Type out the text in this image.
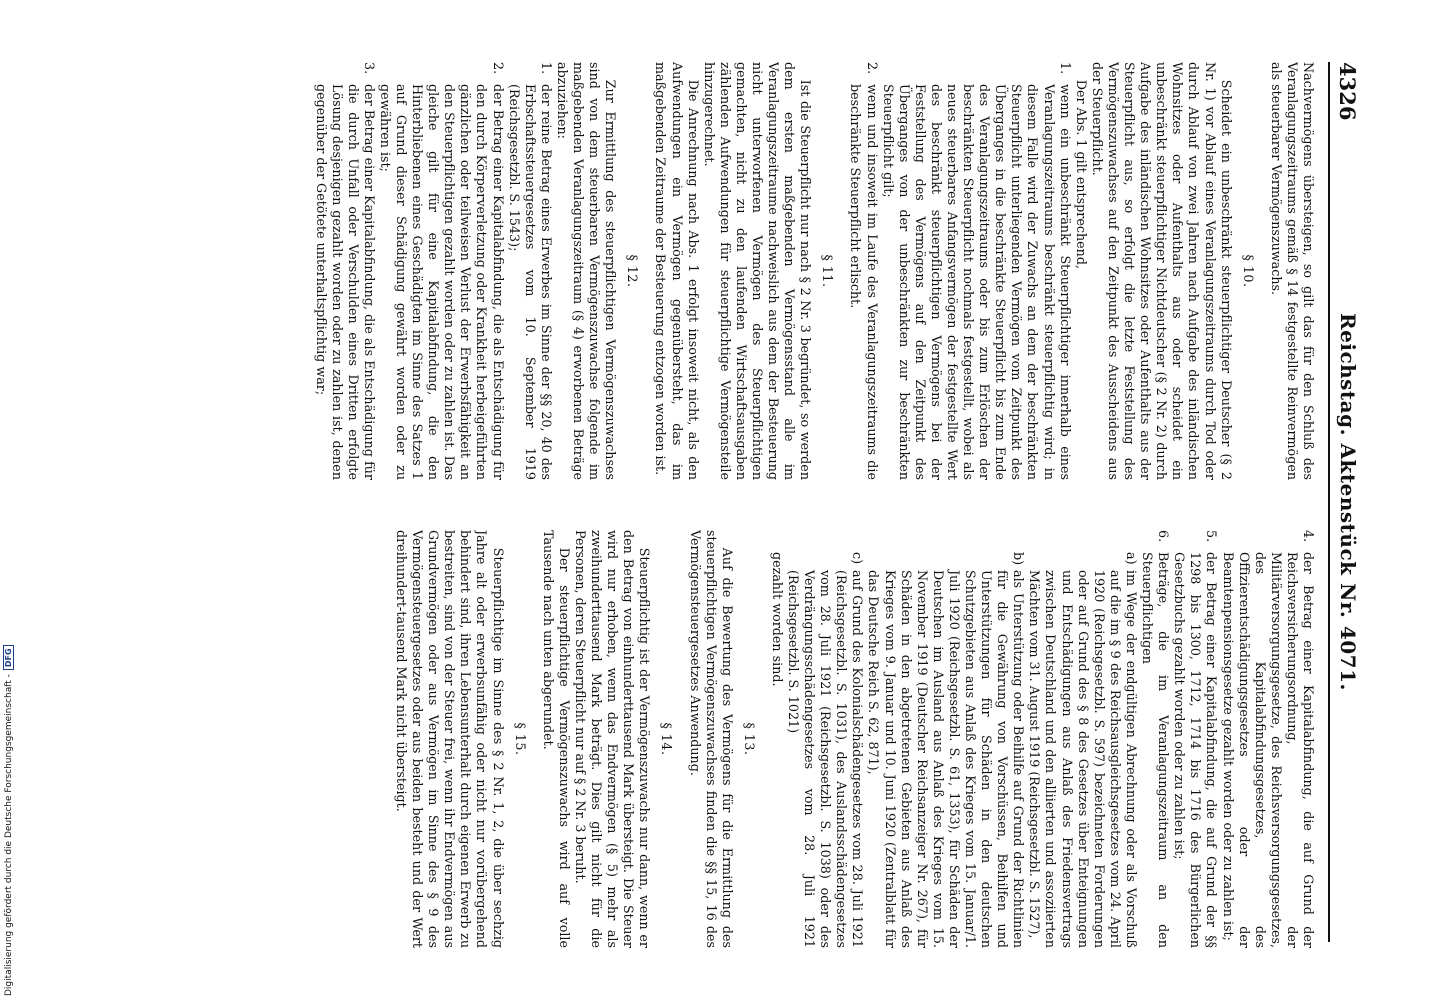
4326
Reichstag. Aktenstück Nr. 4071.

Nachvermögens übersteigen, so gilt das für den Schluß des Veranlagungszeitraums gemäß § 14 festgestellte Reinvermögen als steuerbarer Vermögenszuwachs.

§ 10.

Scheidet ein unbeschränkt steuerpflichtiger Deutscher (§ 2 Nr. 1) vor Ablauf eines Veranlagungszeitraums durch Tod oder durch Ablauf von zwei Jahren nach Aufgabe des inländischen Wohnsitzes oder Aufenthalts aus oder scheidet ein unbeschränkt steuerpflichtiger Nichtdeutscher (§ 2 Nr. 2) durch Aufgabe des inländischen Wohnsitzes oder Aufenthalts aus der Steuerpflicht aus, so erfolgt die letzte Feststellung des Vermögenszuwachses auf den Zeitpunkt des Ausscheidens aus der Steuerpflicht.

Der Abs. 1 gilt entsprechend,

1.
wenn ein unbeschränkt Steuerpflichtiger innerhalb eines Veranlagungszeitraums beschränkt steuerpflichtig wird; in diesem Falle wird der Zuwachs an dem der beschränkten Steuerpflicht unterliegenden Vermögen vom Zeitpunkt des Überganges in die beschränkte Steuerpflicht bis zum Ende des Veranlagungszeitraums oder bis zum Erlöschen der beschränkten Steuerpflicht nochmals festgestellt, wobei als neues steuerbares Anfangsvermögen der festgestellte Wert des beschränkt steuerpflichtigen Vermögens bei der Feststellung des Vermögens auf den Zeitpunkt des Überganges von der unbeschränkten zur beschränkten Steuerpflicht gilt;
2.
wenn und insoweit im Laufe des Veranlagungszeitraums die beschränkte Steuerpflicht erlischt.

§ 11.

Ist die Steuerpflicht nur nach § 2 Nr. 3 begründet, so werden dem ersten maßgebenden Vermögensstand alle im Veranlagungszeitraume nachweislich aus dem der Besteuerung nicht unterworfenen Vermögen des Steuerpflichtigen gemachten, nicht zu den laufenden Wirtschaftsausgaben zählenden Aufwendungen für steuerpflichtige Vermögensteile hinzugerechnet.

Die Anrechnung nach Abs. 1 erfolgt insoweit nicht, als den Aufwendungen ein Vermögen gegenübersteht, das im maßgebenden Zeitraume der Besteuerung entzogen worden ist.

§ 12.

Zur Ermittlung des steuerpflichtigen Vermögenszuwachses sind von dem steuerbaren Vermögenszuwachse folgende im maßgebenden Veranlagungszeitraum (§ 4) erworbenen Beträge abzuziehen:

1.
der reine Betrag eines Erwerbes im Sinne der §§ 20, 40 des Erbschaftssteuergesetzes vom 10. September 1919 (Reichsgesetzbl. S. 1543);
2.
der Betrag einer Kapitalabfindung, die als Entschädigung für den durch Körperverletzung oder Krankheit herbeigeführten gänzlichen oder teilweisen Verlust der Erwerbsfähigkeit an den Steuerpflichtigen gezahlt worden oder zu zahlen ist. Das gleiche gilt für eine Kapitalabfindung, die den Hinterbliebenen eines Geschädigten im Sinne des Satzes 1 auf Grund dieser Schädigung gewährt worden oder zu gewähren ist;
3.
der Betrag einer Kapitalabfindung, die als Entschädigung für die durch Unfall oder Verschulden eines Dritten erfolgte Lösung desjenigen gezahlt worden oder zu zahlen ist, denen gegenüber der Getötete unterhaltspflichtig war;
4.
der Betrag einer Kapitalabfindung, die auf Grund der Reichsversicherungsordnung, der Militärversorgungsgesetze, des Reichsversorgungsgesetzes, des Kapitalabfindungsgesetzes, des Offizierentschädigungsgesetzes oder der Beamtenpensionsgesetze gezahlt worden oder zu zahlen ist;
5.
der Betrag einer Kapitalabfindung, die auf Grund der §§ 1298 bis 1300, 1712, 1714 bis 1716 des Bürgerlichen Gesetzbuchs gezahlt worden oder zu zahlen ist;
6.
Beträge, die im Veranlagungszeitraum an den Steuerpflichtigen
a)
im Wege der endgültigen Abrechnung oder als Vorschuß auf die im § 9 des Reichsausgleichsgesetzes vom 24. April 1920 (Reichsgesetzbl. S. 597) bezeichneten Forderungen oder auf Grund des § 8 des Gesetzes über Enteignungen und Entschädigungen aus Anlaß des Friedensvertrags zwischen Deutschland und den alliierten und assoziierten Mächten vom 31. August 1919 (Reichsgesetzbl. S. 1527),
b)
als Unterstützung oder Beihilfe auf Grund der Richtlinien für die Gewährung von Vorschüssen, Beihilfen und Unterstützungen für Schäden in den deutschen Schutzgebieten aus Anlaß des Krieges vom 15. Januar/1. Juli 1920 (Reichsgesetzbl. S. 61, 1353), für Schäden der Deutschen im Ausland aus Anlaß des Krieges vom 15. November 1919 (Deutscher Reichsanzeiger Nr. 267), für Schäden in den abgetretenen Gebieten aus Anlaß des Krieges vom 9. Januar und 10. Juni 1920 (Zentralblatt für das Deutsche Reich S. 62, 871),
c)
auf Grund des Kolonialschädengesetzes vom 28. Juli 1921 (Reichsgesetzbl. S. 1031), des Auslandsschädengesetzes vom 28. Juli 1921 (Reichsgesetzbl. S. 1038) oder des Verdrängungsschädengesetzes vom 28. Juli 1921 (Reichsgesetzbl. S. 1021)

gezahlt worden sind.

§ 13.

Auf die Bewertung des Vermögens für die Ermittlung des steuerpflichtigen Vermögenszuwachses finden die §§ 15, 16 des Vermögensteuergesetzes Anwendung.

§ 14.

Steuerpflichtig ist der Vermögenszuwachs nur dann, wenn er den Betrag von einhunderttausend Mark übersteigt. Die Steuer wird nur erhoben, wenn das Endvermögen (§ 5) mehr als zweihunderttausend Mark beträgt. Dies gilt nicht für die Personen, deren Steuerpflicht nur auf § 2 Nr. 3 beruht.

Der steuerpflichtige Vermögenszuwachs wird auf volle Tausende nach unten abgerundet.

§ 15.

Steuerpflichtige im Sinne des § 2 Nr. 1, 2, die über sechzig Jahre alt oder erwerbsunfähig oder nicht nur vorübergehend behindert sind, ihren Lebensunterhalt durch eigenen Erwerb zu bestreiten, sind von der Steuer frei, wenn ihr Endvermögen aus Grundvermögen oder aus Vermögen im Sinne des § 9 des Vermögensteuergesetzes oder aus beiden besteht und der Wert dreihundert-tausend Mark nicht übersteigt.

Digitalisierung gefördert durch die Deutsche Forschungsgemeinschaft -DFG
